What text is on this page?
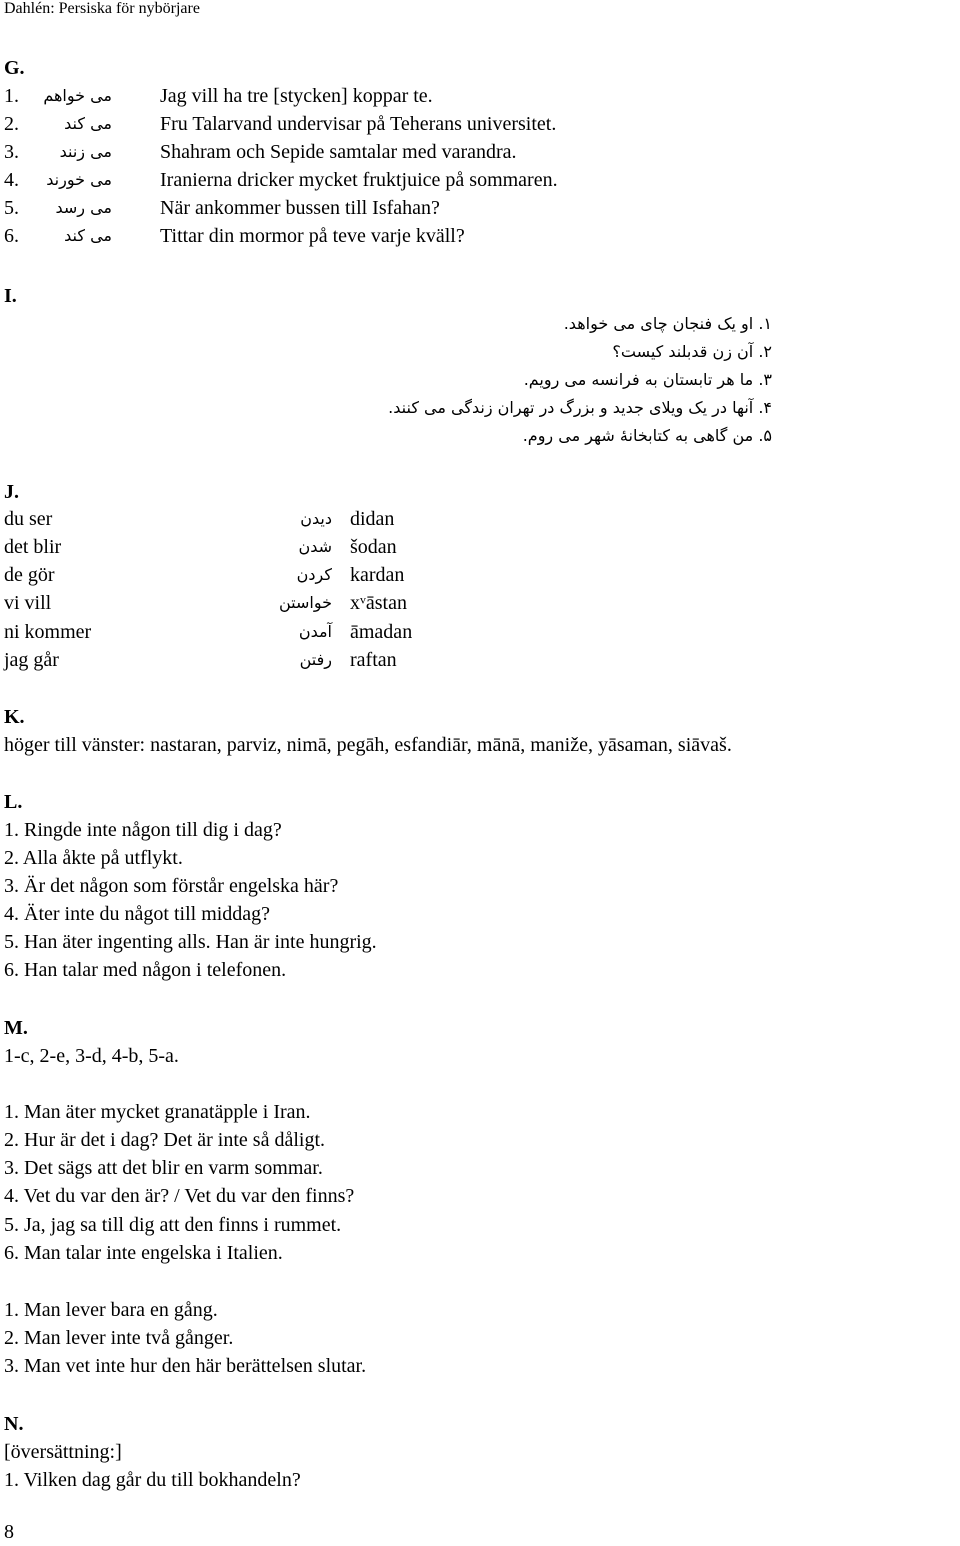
Dahlén: Persiska för nybörjare
G.
1.	می خواهم Jag vill ha tre [stycken] koppar te.
2.	می کند Fru Talarvand undervisar på Teherans universitet.
3.	می زنند Shahram och Sepide samtalar med varandra.
4.	می خورند Iranierna dricker mycket fruktjuice på sommaren.
5.	می رسد När ankommer bussen till Isfahan?
6.	می کند Tittar din mormor på teve varje kväll?
I.
۱. او یک فنجان چای می خواهد.
۲. آن زن قدبلند کیست؟
۳. ما هر تابستان به فرانسه می رویم.
۴. آنها در یک ویلای جدید و بزرگ در تهران زندگی می کنند.
۵. من گاهی به کتابخانهٔ شهر می روم.
J.
du ser	دیدن didan
det blir	شدن šodan
de gör	کردن kardan
vi vill	خواستن xᵛāstan
ni kommer	آمدن āmadan
jag går	رفتن raftan
K.
höger till vänster: nastaran, parviz, nimā, pegāh, esfandiār, mānā, maniže, yāsaman, siāvaš.
L.
1. Ringde inte någon till dig i dag?
2. Alla åkte på utflykt.
3. Är det någon som förstår engelska här?
4. Äter inte du något till middag?
5. Han äter ingenting alls. Han är inte hungrig.
6. Han talar med någon i telefonen.
M.
1-c, 2-e, 3-d, 4-b, 5-a.
1. Man äter mycket granatäpple i Iran.
2. Hur är det i dag? Det är inte så dåligt.
3. Det sägs att det blir en varm sommar.
4. Vet du var den är? / Vet du var den finns?
5. Ja, jag sa till dig att den finns i rummet.
6. Man talar inte engelska i Italien.
1. Man lever bara en gång.
2. Man lever inte två gånger.
3. Man vet inte hur den här berättelsen slutar.
N.
[översättning:]
1. Vilken dag går du till bokhandeln?
8
